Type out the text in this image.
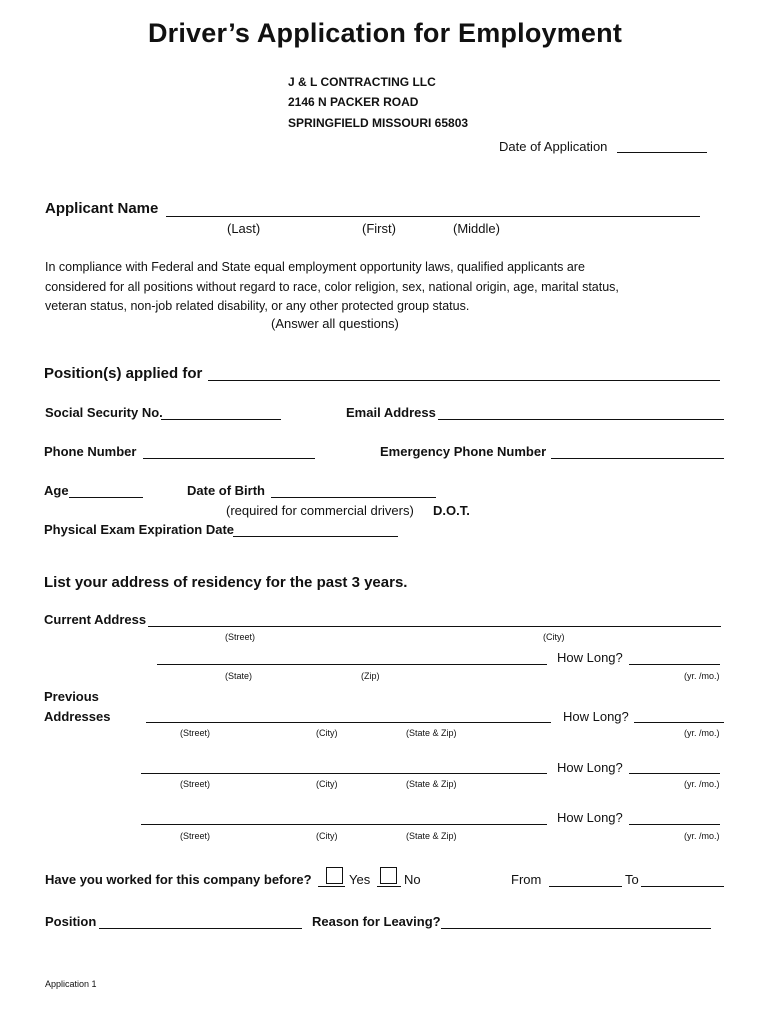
Driver’s Application for Employment
J & L CONTRACTING LLC
2146 N PACKER ROAD
SPRINGFIELD MISSOURI 65803
Date of Application
Applicant Name
(Last)	(First)	(Middle)
In compliance with Federal and State equal employment opportunity laws, qualified applicants are
considered for all positions without regard to race, color religion, sex, national origin, age, marital status,
veteran status, non-job related disability, or any other protected group status.
(Answer all questions)
Position(s) applied for
Social Security No.	Email Address
Phone Number	Emergency Phone Number
Age	Date of Birth
(required for commercial drivers) D.O.T.
Physical Exam Expiration Date
List your address of residency for the past 3 years.
Current Address
(Street)	(City)
How Long?
(State)	(Zip)	(yr. /mo.)
Previous
Addresses	How Long?
(Street)	(City)	(State & Zip)	(yr. /mo.)
How Long?
(Street)	(City)	(State & Zip)	(yr. /mo.)
How Long?
(Street)	(City)	(State & Zip)	(yr. /mo.)
Have you worked for this company before?	Yes	No	From	To
Position	Reason for Leaving?
Application 1
